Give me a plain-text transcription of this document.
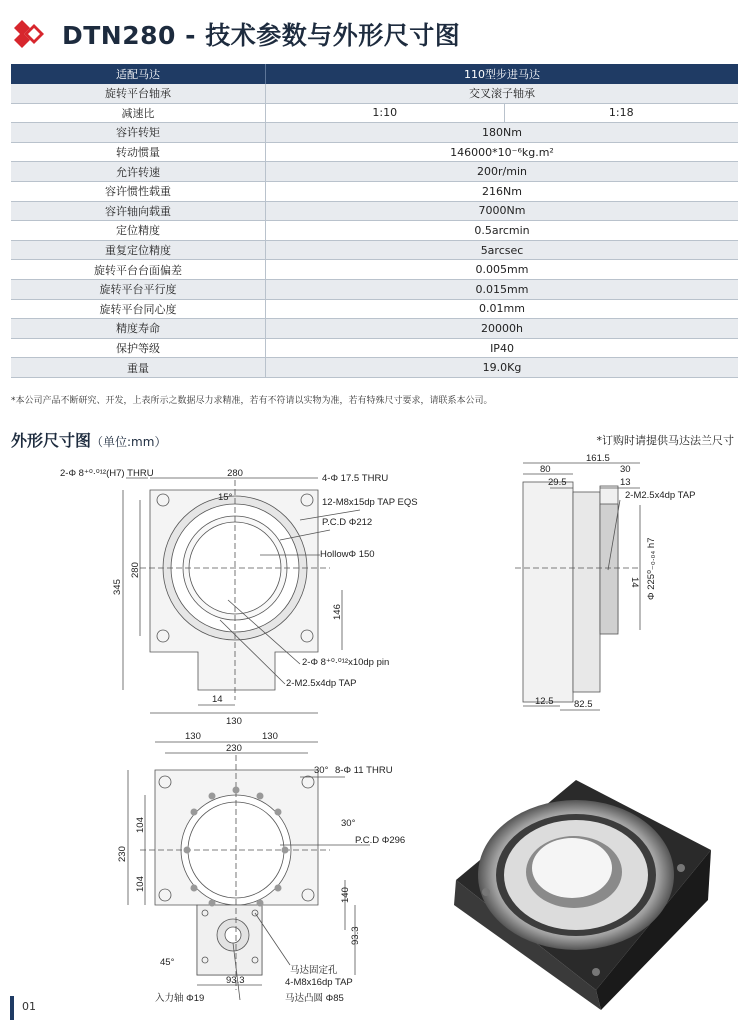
DTN280 - 技术参数与外形尺寸图
适配马达	110型步进马达	
旋转平台轴承	交叉滚子轴承	
减速比	1:10	1:18
容许转矩	180Nm	
转动惯量	146000*10⁻⁶kg.m²	
允许转速	200r/min	
容许惯性载重	216Nm	
容许轴向载重	7000Nm	
定位精度	0.5arcmin	
重复定位精度	5arcsec	
旋转平台台面偏差	0.005mm	
旋转平台平行度	0.015mm	
旋转平台同心度	0.01mm	
精度寿命	20000h	
保护等级	IP40	
重量	19.0Kg	
*本公司产品不断研究、开发，上表所示之数据尽力求精准，若有不符请以实物为准，若有特殊尺寸要求，请联系本公司。
外形尺寸图（单位:mm）	*订购时请提供马达法兰尺寸
280
2-Φ 8⁺⁰·⁰¹²(H7) THRU	4-Φ 17.5 THRU
15°	12-M8x15dp TAP EQS
P.C.D Φ212
HollowΦ 150
345
280
146
2-Φ 8⁺⁰·⁰¹²x10dp pin
2-M2.5x4dp TAP
14
130
161.5
80	30
29.5	13
2-M2.5x4dp TAP
14 Φ 225⁰₋₀.₀₄ h7
12.5 82.5
130	130
230
30° 8-Φ 11 THRU
30°
P.C.D Φ296
104
230
104
140
93.3
45°
93.3
马达固定孔
4-M8x16dp TAP
入力轴 Φ19	马达凸圆 Φ85
01
